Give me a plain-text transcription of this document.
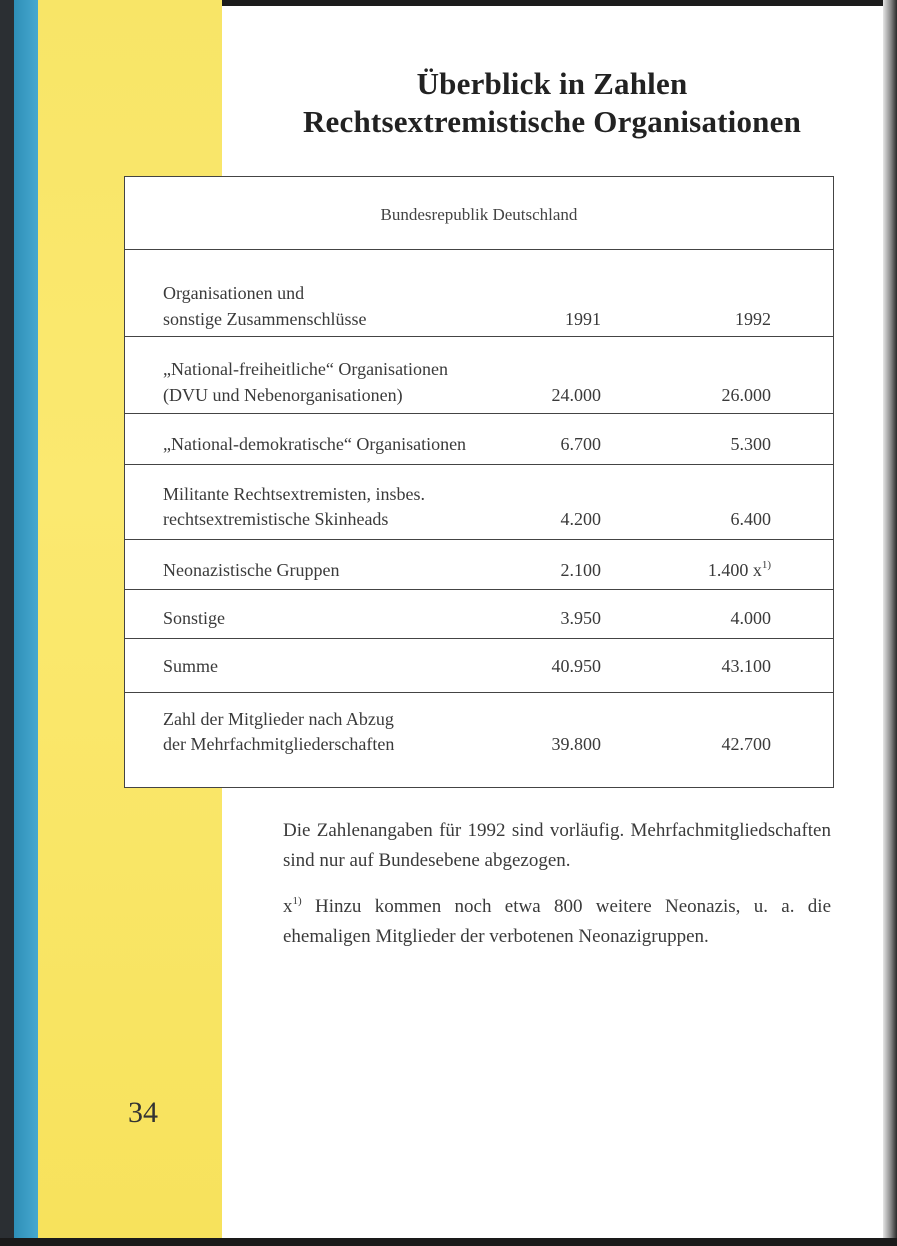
Überblick in Zahlen
Rechtsextremistische Organisationen
Bundesrepublik Deutschland
Organisationen und
sonstige Zusammenschlüsse	1991	1992
„National-freiheitliche“ Organisationen
(DVU und Nebenorganisationen)	24.000	26.000
„National-demokratische“ Organisationen	6.700	5.300
Militante Rechtsextremisten, insbes.
rechtsextremistische Skinheads	4.200	6.400
Neonazistische Gruppen	2.100	1.400 $x^{1)}$
Sonstige	3.950	4.000
Summe	40.950	43.100
Zahl der Mitglieder nach Abzug
der Mehrfachmitgliederschaften	39.800	42.700
Die Zahlenangaben für 1992 sind vorläufig. Mehrfachmitgliedschaften sind nur auf Bundesebene abgezogen.
$x^{1)}$ Hinzu kommen noch etwa 800 weitere Neonazis, u. a. die ehemaligen Mitglieder der verbotenen Neonazigruppen.
34
